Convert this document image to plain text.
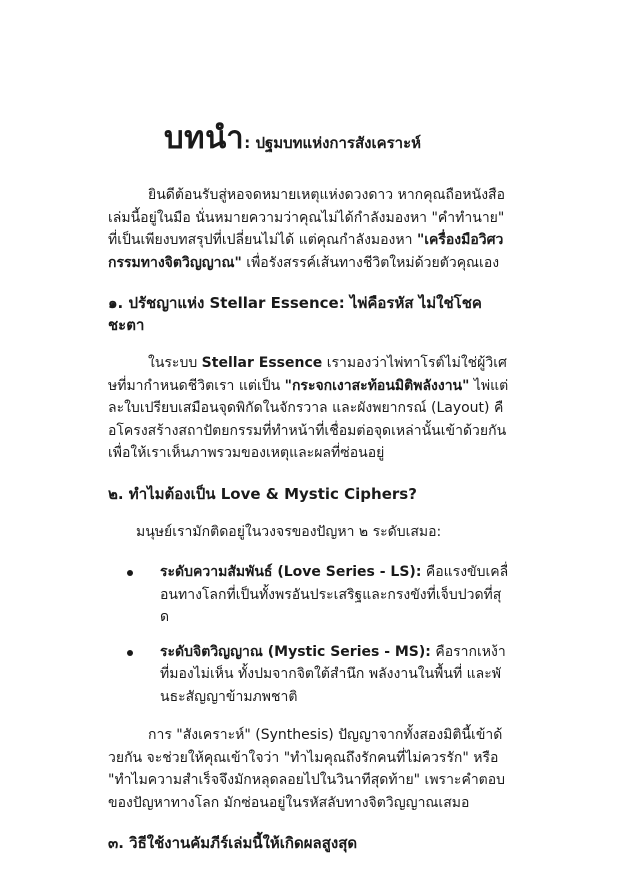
บทนำ: ปฐมบทแห่งการสังเคราะห์

ยินดีต้อนรับสู่หอจดหมายเหตุแห่งดวงดาว หากคุณถือหนังสือเล่มนี้อยู่ในมือ นั่นหมายความว่าคุณไม่ได้กำลังมองหา "คำทำนาย" ที่เป็นเพียงบทสรุปที่เปลี่ยนไม่ได้ แต่คุณกำลังมองหา "เครื่องมือวิศวกรรมทางจิตวิญญาณ" เพื่อรังสรรค์เส้นทางชีวิตใหม่ด้วยตัวคุณเอง

๑. ปรัชญาแห่ง Stellar Essence: ไพ่คือรหัส ไม่ใช่โชคชะตา

ในระบบ Stellar Essence เรามองว่าไพ่ทาโรต์ไม่ใช่ผู้วิเศษที่มากำหนดชีวิตเรา แต่เป็น "กระจกเงาสะท้อนมิติพลังงาน" ไพ่แต่ละใบเปรียบเสมือนจุดพิกัดในจักรวาล และผังพยากรณ์ (Layout) คือโครงสร้างสถาปัตยกรรมที่ทำหน้าที่เชื่อมต่อจุดเหล่านั้นเข้าด้วยกัน เพื่อให้เราเห็นภาพรวมของเหตุและผลที่ซ่อนอยู่

๒. ทำไมต้องเป็น Love & Mystic Ciphers?

มนุษย์เรามักติดอยู่ในวงจรของปัญหา ๒ ระดับเสมอ:

ระดับความสัมพันธ์ (Love Series - LS): คือแรงขับเคลื่อนทางโลกที่เป็นทั้งพรอันประเสริฐและกรงขังที่เจ็บปวดที่สุด
ระดับจิตวิญญาณ (Mystic Series - MS): คือรากเหง้าที่มองไม่เห็น ทั้งปมจากจิตใต้สำนึก พลังงานในพื้นที่ และพันธะสัญญาข้ามภพชาติ

การ "สังเคราะห์" (Synthesis) ปัญญาจากทั้งสองมิตินี้เข้าด้วยกัน จะช่วยให้คุณเข้าใจว่า "ทำไมคุณถึงรักคนที่ไม่ควรรัก" หรือ "ทำไมความสำเร็จจึงมักหลุดลอยไปในวินาทีสุดท้าย" เพราะคำตอบของปัญหาทางโลก มักซ่อนอยู่ในรหัสลับทางจิตวิญญาณเสมอ

๓. วิธีใช้งานคัมภีร์เล่มนี้ให้เกิดผลสูงสุด
